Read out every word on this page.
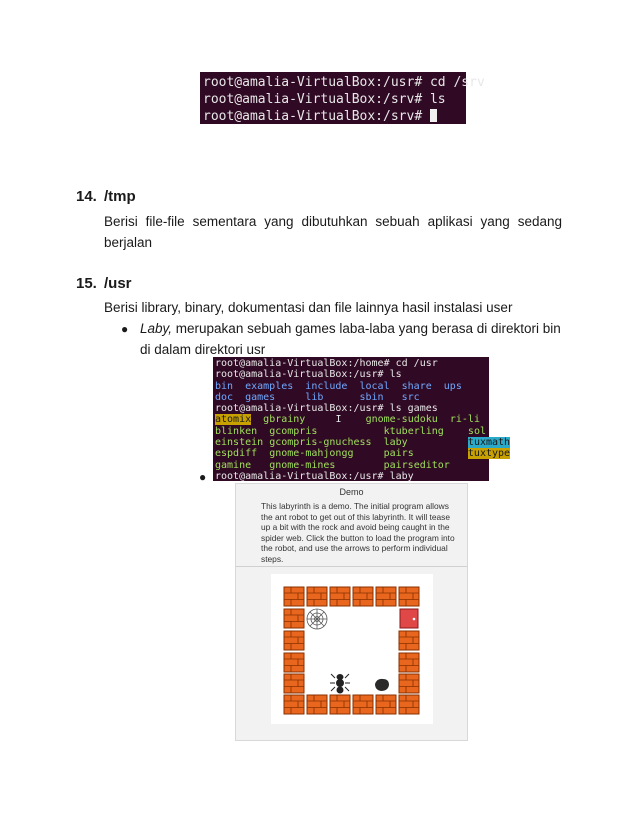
root@amalia-VirtualBox:/usr# cd /srv
root@amalia-VirtualBox:/srv# ls
root@amalia-VirtualBox:/srv#
14. /tmp
Berisi file-file sementara yang dibutuhkan sebuah aplikasi yang sedang berjalan
15. /usr
Berisi library, binary, dokumentasi dan file lainnya hasil instalasi user
● Laby, merupakan sebuah games laba-laba yang berasa di direktori bin di dalam direktori usr
root@amalia-VirtualBox:/home# cd /usr
root@amalia-VirtualBox:/usr# ls
bin  examples  include  local  share  ups
doc  games     lib      sbin   src
root@amalia-VirtualBox:/usr# ls games
atomix gbrainy	I gnome-sudoku ri-li
blinken gcompris	ktuberling sol
einstein gcompris-gnuchess laby	tuxmath
espdiff gnome-mahjongg	pairs	tuxtype
gamine gnome-mines	pairseditor
root@amalia-VirtualBox:/usr# laby
●
Demo
This labyrinth is a demo. The initial program allows the ant robot to get out of this labyrinth. It will tease up a bit with the rock and avoid being caught in the spider web. Click the button to load the program into the robot, and use the arrows to perform individual steps.
